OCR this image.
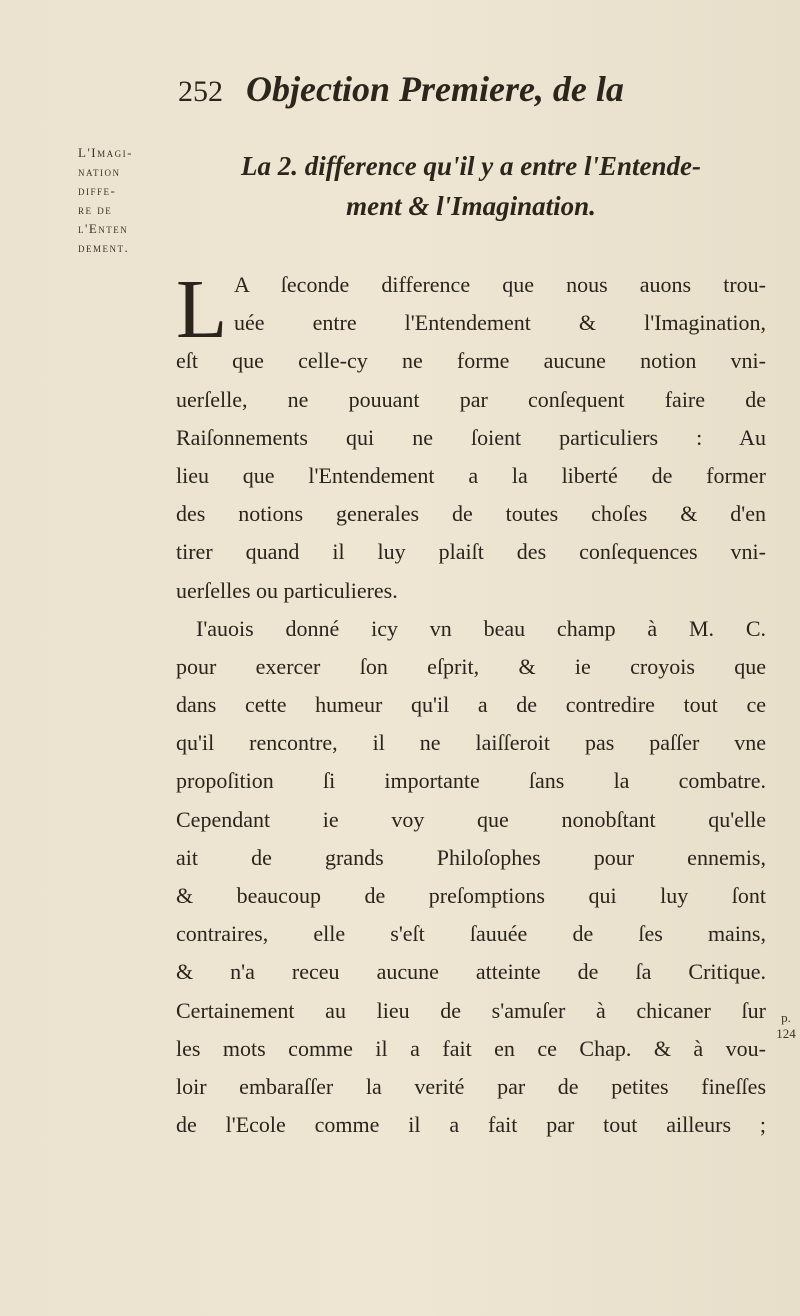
252 Objection Premiere, de la
L'Imagi-
nation
diffe-
re de
l'Enten
dement.
La 2. difference qu'il y a entre l'Entende-
ment & l'Imagination.
L A ſeconde difference que nous auons trou-
uée entre l'Entendement & l'Imagination,
eſt que celle-cy ne forme aucune notion vni-
uerſelle, ne pouuant par conſequent faire de
Raiſonnements qui ne ſoient particuliers : Au
lieu que l'Entendement a la liberté de former
des notions generales de toutes choſes & d'en
tirer quand il luy plaiſt des conſequences vni-
uerſelles ou particulieres.
I'auois donné icy vn beau champ à M. C.
pour exercer ſon eſprit, & ie croyois que
dans cette humeur qu'il a de contredire tout ce
qu'il rencontre, il ne laiſſeroit pas paſſer vne
propoſition ſi importante ſans la combatre.
Cependant ie voy que nonobſtant qu'elle
ait de grands Philoſophes pour ennemis,
& beaucoup de preſomptions qui luy ſont
contraires, elle s'eſt ſauuée de ſes mains,
& n'a receu aucune atteinte de ſa Critique.
Certainement au lieu de s'amuſer à chicaner ſur
les mots comme il a fait en ce Chap. & à vou-
loir embaraſſer la verité par de petites fineſſes
de l'Ecole comme il a fait par tout ailleurs ;
p.
124
